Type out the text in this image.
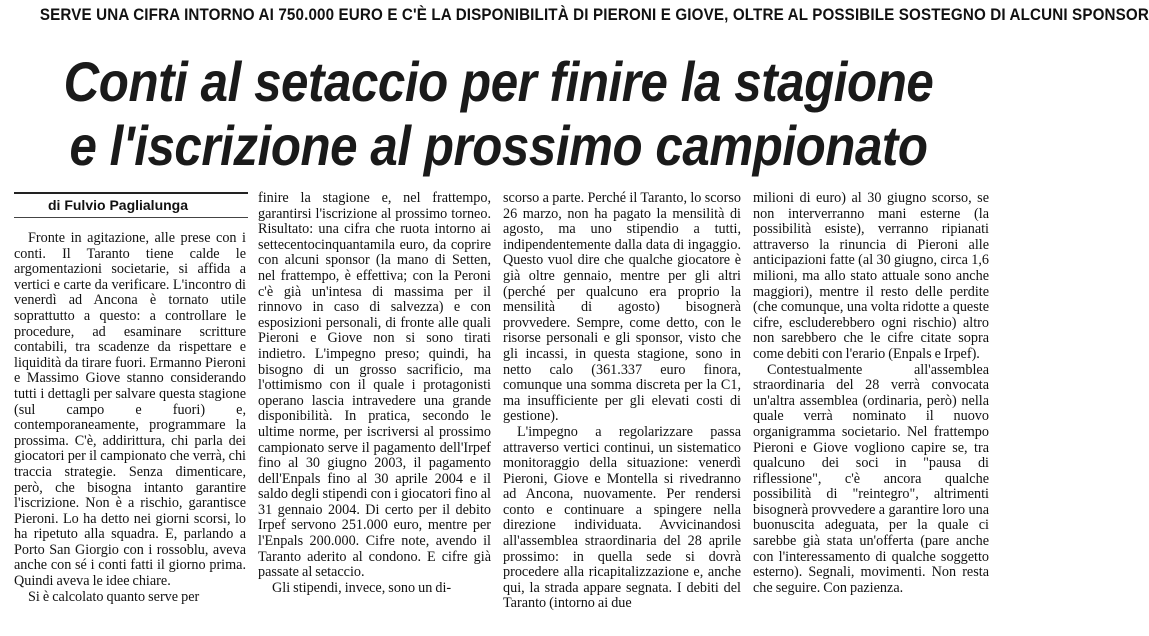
SERVE UNA CIFRA INTORNO AI 750.000 EURO E C'È LA DISPONIBILITÀ DI PIERONI E GIOVE, OLTRE AL POSSIBILE SOSTEGNO DI ALCUNI SPONSOR
Conti al setaccio per finire la stagione
e l'iscrizione al prossimo campionato
di Fulvio Paglialunga

Fronte in agitazione, alle prese con i conti. Il Taranto tiene calde le argomentazioni societarie, si affida a vertici e carte da verificare. L'incontro di venerdì ad Ancona è tornato utile soprattutto a questo: a controllare le procedure, ad esaminare scritture contabili, tra scadenze da rispettare e liquidità da tirare fuori. Ermanno Pieroni e Massimo Giove stanno considerando tutti i dettagli per salvare questa stagione (sul campo e fuori) e, contemporaneamente, programmare la prossima. C'è, addirittura, chi parla dei giocatori per il campionato che verrà, chi traccia strategie. Senza dimenticare, però, che bisogna intanto garantire l'iscrizione. Non è a rischio, garantisce Pieroni. Lo ha detto nei giorni scorsi, lo ha ripetuto alla squadra. E, parlando a Porto San Giorgio con i rossoblu, aveva anche con sé i conti fatti il giorno prima. Quindi aveva le idee chiare.

Si è calcolato quanto serve per

finire la stagione e, nel frattempo, garantirsi l'iscrizione al prossimo torneo. Risultato: una cifra che ruota intorno ai settecentocinquantamila euro, da coprire con alcuni sponsor (la mano di Setten, nel frattempo, è effettiva; con la Peroni c'è già un'intesa di massima per il rinnovo in caso di salvezza) e con esposizioni personali, di fronte alle quali Pieroni e Giove non si sono tirati indietro. L'impegno preso; quindi, ha bisogno di un grosso sacrificio, ma l'ottimismo con il quale i protagonisti operano lascia intravedere una grande disponibilità. In pratica, secondo le ultime norme, per iscriversi al prossimo campionato serve il pagamento dell'Irpef fino al 30 giugno 2003, il pagamento dell'Enpals fino al 30 aprile 2004 e il saldo degli stipendi con i giocatori fino al 31 gennaio 2004. Di certo per il debito Irpef servono 251.000 euro, mentre per l'Enpals 200.000. Cifre note, avendo il Taranto aderito al condono. E cifre già passate al setaccio.

Gli stipendi, invece, sono un di-

scorso a parte. Perché il Taranto, lo scorso 26 marzo, non ha pagato la mensilità di agosto, ma uno stipendio a tutti, indipendentemente dalla data di ingaggio. Questo vuol dire che qualche giocatore è già oltre gennaio, mentre per gli altri (perché per qualcuno era proprio la mensilità di agosto) bisognerà provvedere. Sempre, come detto, con le risorse personali e gli sponsor, visto che gli incassi, in questa stagione, sono in netto calo (361.337 euro finora, comunque una somma discreta per la C1, ma insufficiente per gli elevati costi di gestione).

L'impegno a regolarizzare passa attraverso vertici continui, un sistematico monitoraggio della situazione: venerdì Pieroni, Giove e Montella si rivedranno ad Ancona, nuovamente. Per rendersi conto e continuare a spingere nella direzione individuata. Avvicinandosi all'assemblea straordinaria del 28 aprile prossimo: in quella sede si dovrà procedere alla ricapitalizzazione e, anche qui, la strada appare segnata. I debiti del Taranto (intorno ai due

milioni di euro) al 30 giugno scorso, se non interverranno mani esterne (la possibilità esiste), verranno ripianati attraverso la rinuncia di Pieroni alle anticipazioni fatte (al 30 giugno, circa 1,6 milioni, ma allo stato attuale sono anche maggiori), mentre il resto delle perdite (che comunque, una volta ridotte a queste cifre, escluderebbero ogni rischio) altro non sarebbero che le cifre citate sopra come debiti con l'erario (Enpals e Irpef).

Contestualmente all'assemblea straordinaria del 28 verrà convocata un'altra assemblea (ordinaria, però) nella quale verrà nominato il nuovo organigramma societario. Nel frattempo Pieroni e Giove vogliono capire se, tra qualcuno dei soci in "pausa di riflessione", c'è ancora qualche possibilità di "reintegro", altrimenti bisognerà provvedere a garantire loro una buonuscita adeguata, per la quale ci sarebbe già stata un'offerta (pare anche con l'interessamento di qualche soggetto esterno). Segnali, movimenti. Non resta che seguire. Con pazienza.
